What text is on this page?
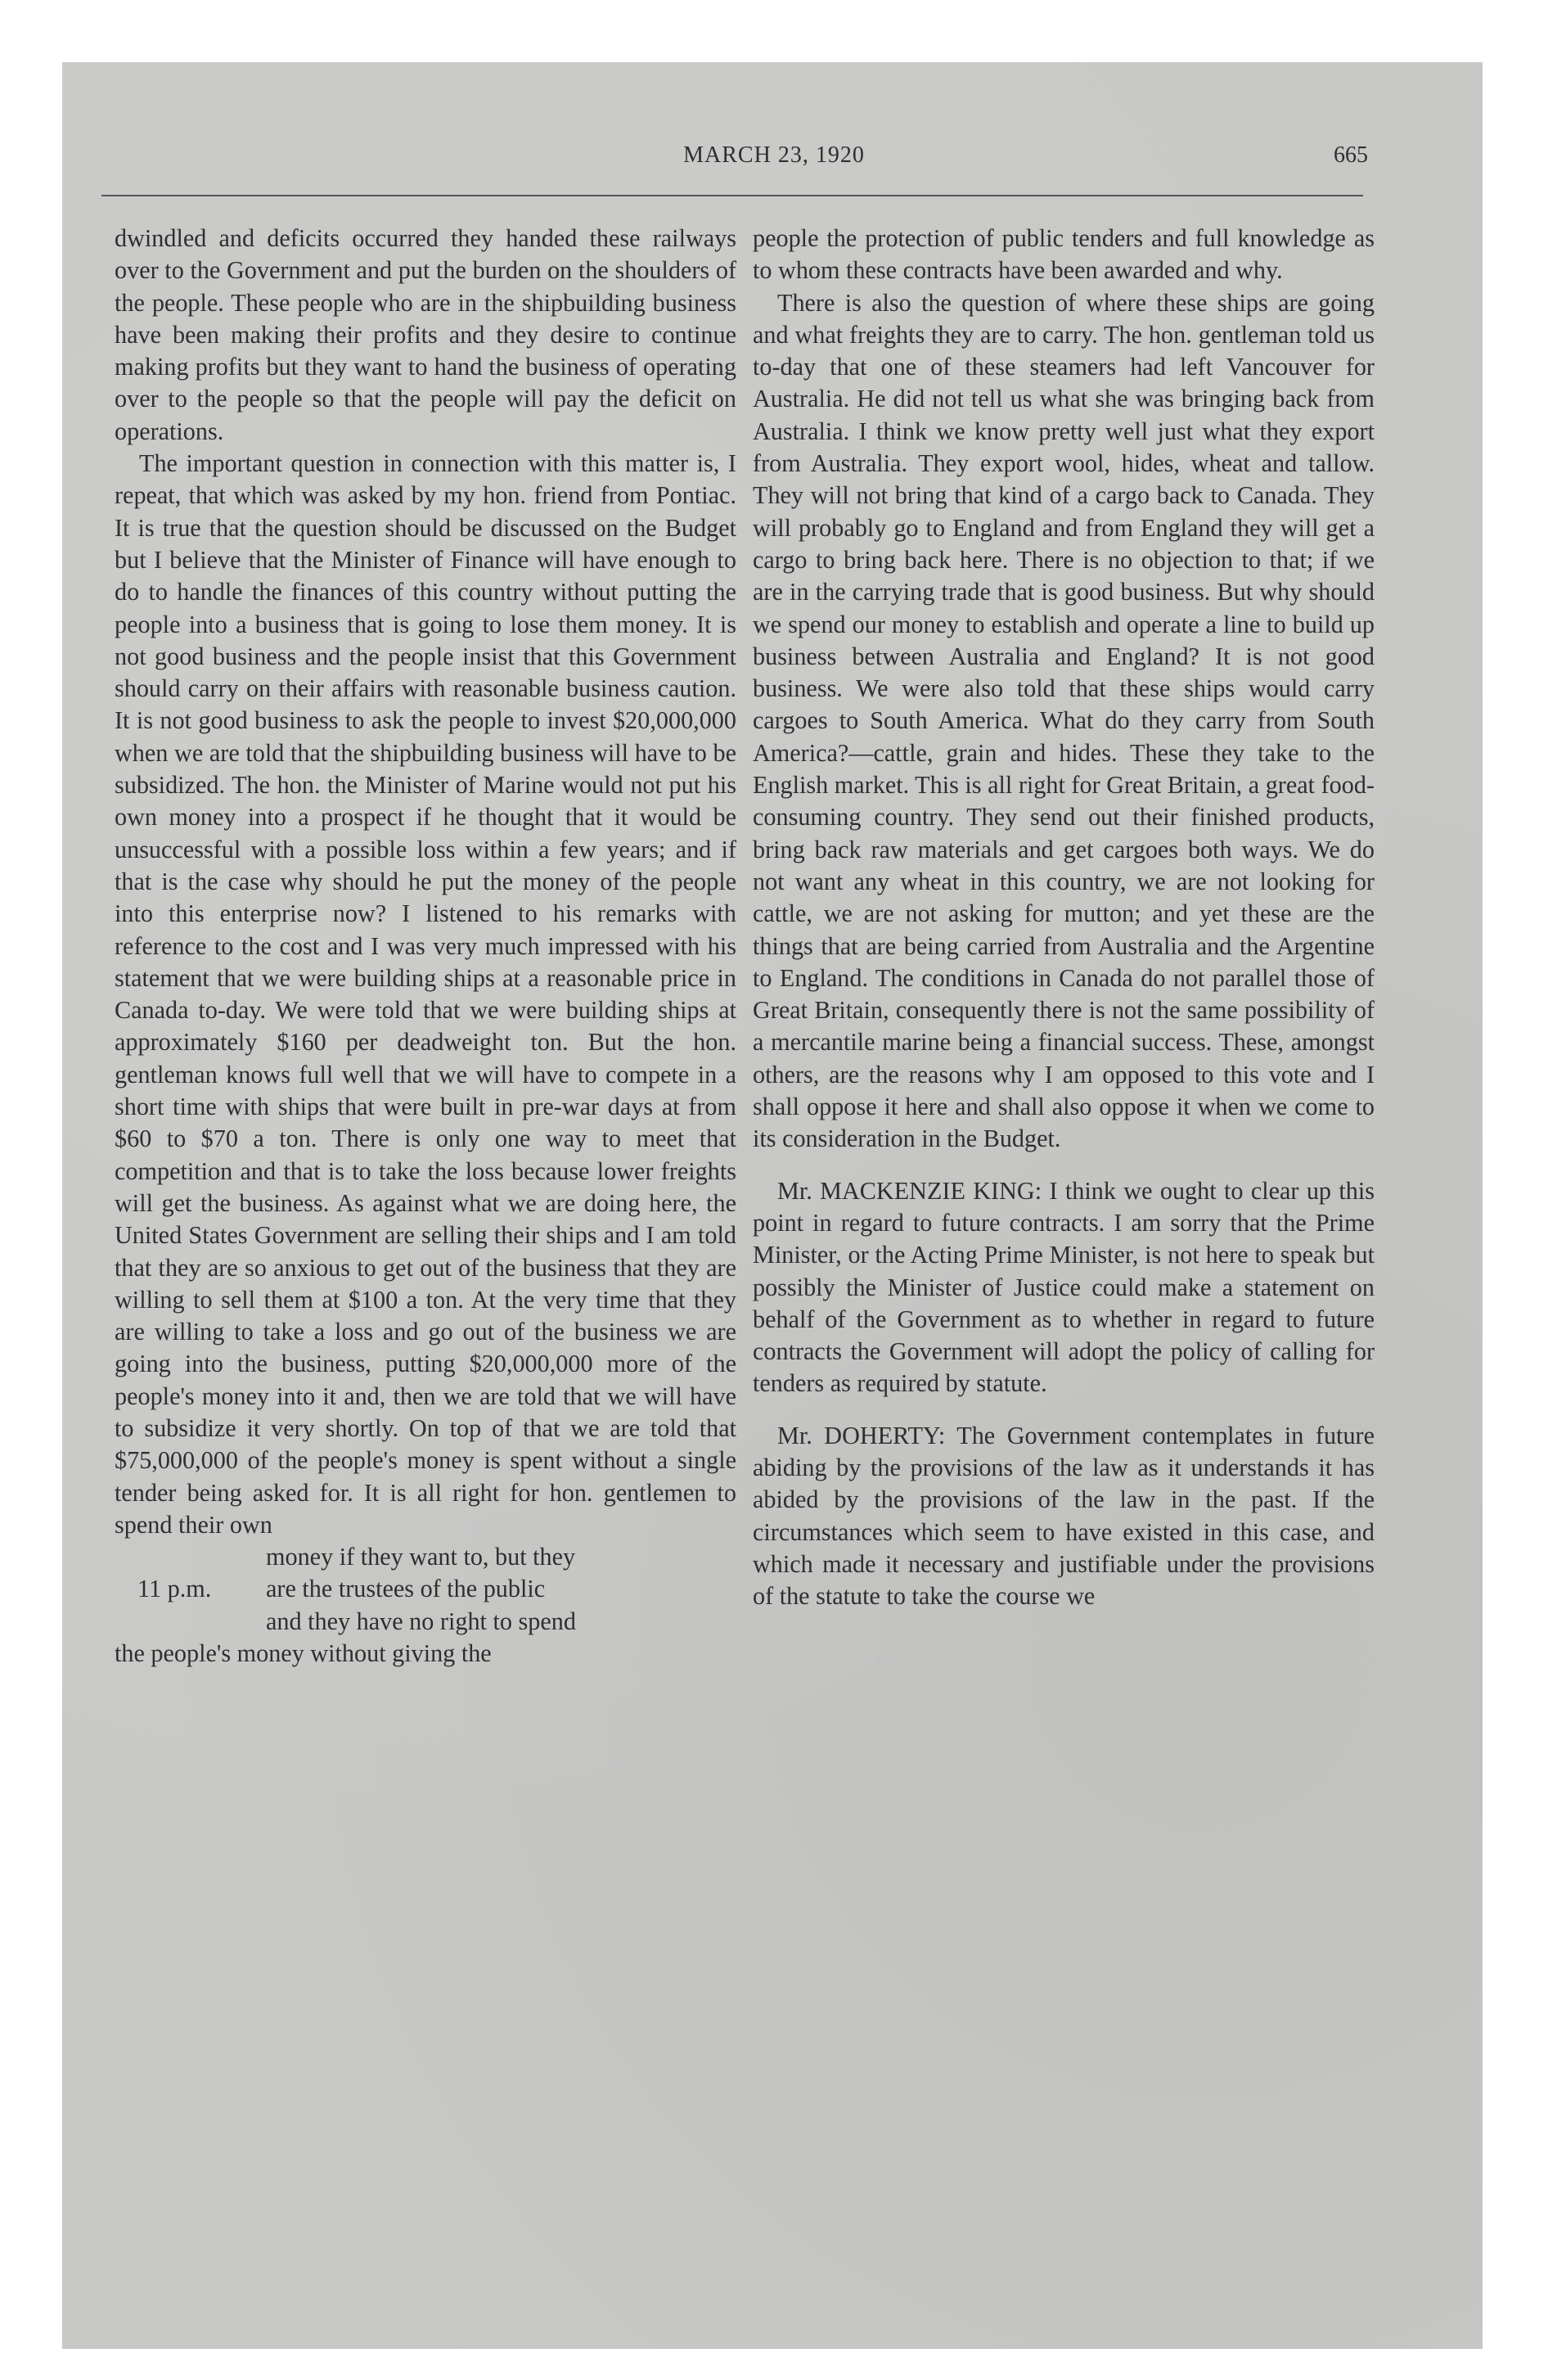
MARCH 23, 1920	665

dwindled and deficits occurred they handed these railways over to the Government and put the burden on the shoulders of the people. These people who are in the shipbuilding business have been making their profits and they desire to continue making profits but they want to hand the business of operating over to the people so that the people will pay the deficit on operations.

The important question in connection with this matter is, I repeat, that which was asked by my hon. friend from Pontiac. It is true that the question should be discussed on the Budget but I believe that the Minister of Finance will have enough to do to handle the finances of this country without putting the people into a business that is going to lose them money. It is not good business and the people insist that this Government should carry on their affairs with reasonable business caution. It is not good business to ask the people to invest $20,000,000 when we are told that the shipbuilding business will have to be subsidized. The hon. the Minister of Marine would not put his own money into a prospect if he thought that it would be unsuccessful with a possible loss within a few years; and if that is the case why should he put the money of the people into this enterprise now? I listened to his remarks with reference to the cost and I was very much impressed with his statement that we were building ships at a reasonable price in Canada to-day. We were told that we were building ships at approximately $160 per deadweight ton. But the hon. gentleman knows full well that we will have to compete in a short time with ships that were built in pre-war days at from $60 to $70 a ton. There is only one way to meet that competition and that is to take the loss because lower freights will get the business. As against what we are doing here, the United States Government are selling their ships and I am told that they are so anxious to get out of the business that they are willing to sell them at $100 a ton. At the very time that they are willing to take a loss and go out of the business we are going into the business, putting $20,000,000 more of the people's money into it and, then we are told that we will have to subsidize it very shortly. On top of that we are told that $75,000,000 of the people's money is spent without a single tender being asked for. It is all right for hon. gentlemen to spend their own

money if they want to, but they
11 p.m.	are the trustees of the public
and they have no right to spend

the people's money without giving the

people the protection of public tenders and full knowledge as to whom these contracts have been awarded and why.

There is also the question of where these ships are going and what freights they are to carry. The hon. gentleman told us to-day that one of these steamers had left Vancouver for Australia. He did not tell us what she was bringing back from Australia. I think we know pretty well just what they export from Australia. They export wool, hides, wheat and tallow. They will not bring that kind of a cargo back to Canada. They will probably go to England and from England they will get a cargo to bring back here. There is no objection to that; if we are in the carrying trade that is good business. But why should we spend our money to establish and operate a line to build up business between Australia and England? It is not good business. We were also told that these ships would carry cargoes to South America. What do they carry from South America?—cattle, grain and hides. These they take to the English market. This is all right for Great Britain, a great food-consuming country. They send out their finished products, bring back raw materials and get cargoes both ways. We do not want any wheat in this country, we are not looking for cattle, we are not asking for mutton; and yet these are the things that are being carried from Australia and the Argentine to England. The conditions in Canada do not parallel those of Great Britain, consequently there is not the same possibility of a mercantile marine being a financial success. These, amongst others, are the reasons why I am opposed to this vote and I shall oppose it here and shall also oppose it when we come to its consideration in the Budget.

Mr. MACKENZIE KING: I think we ought to clear up this point in regard to future contracts. I am sorry that the Prime Minister, or the Acting Prime Minister, is not here to speak but possibly the Minister of Justice could make a statement on behalf of the Government as to whether in regard to future contracts the Government will adopt the policy of calling for tenders as required by statute.

Mr. DOHERTY: The Government contemplates in future abiding by the provisions of the law as it understands it has abided by the provisions of the law in the past. If the circumstances which seem to have existed in this case, and which made it necessary and justifiable under the provisions of the statute to take the course we
